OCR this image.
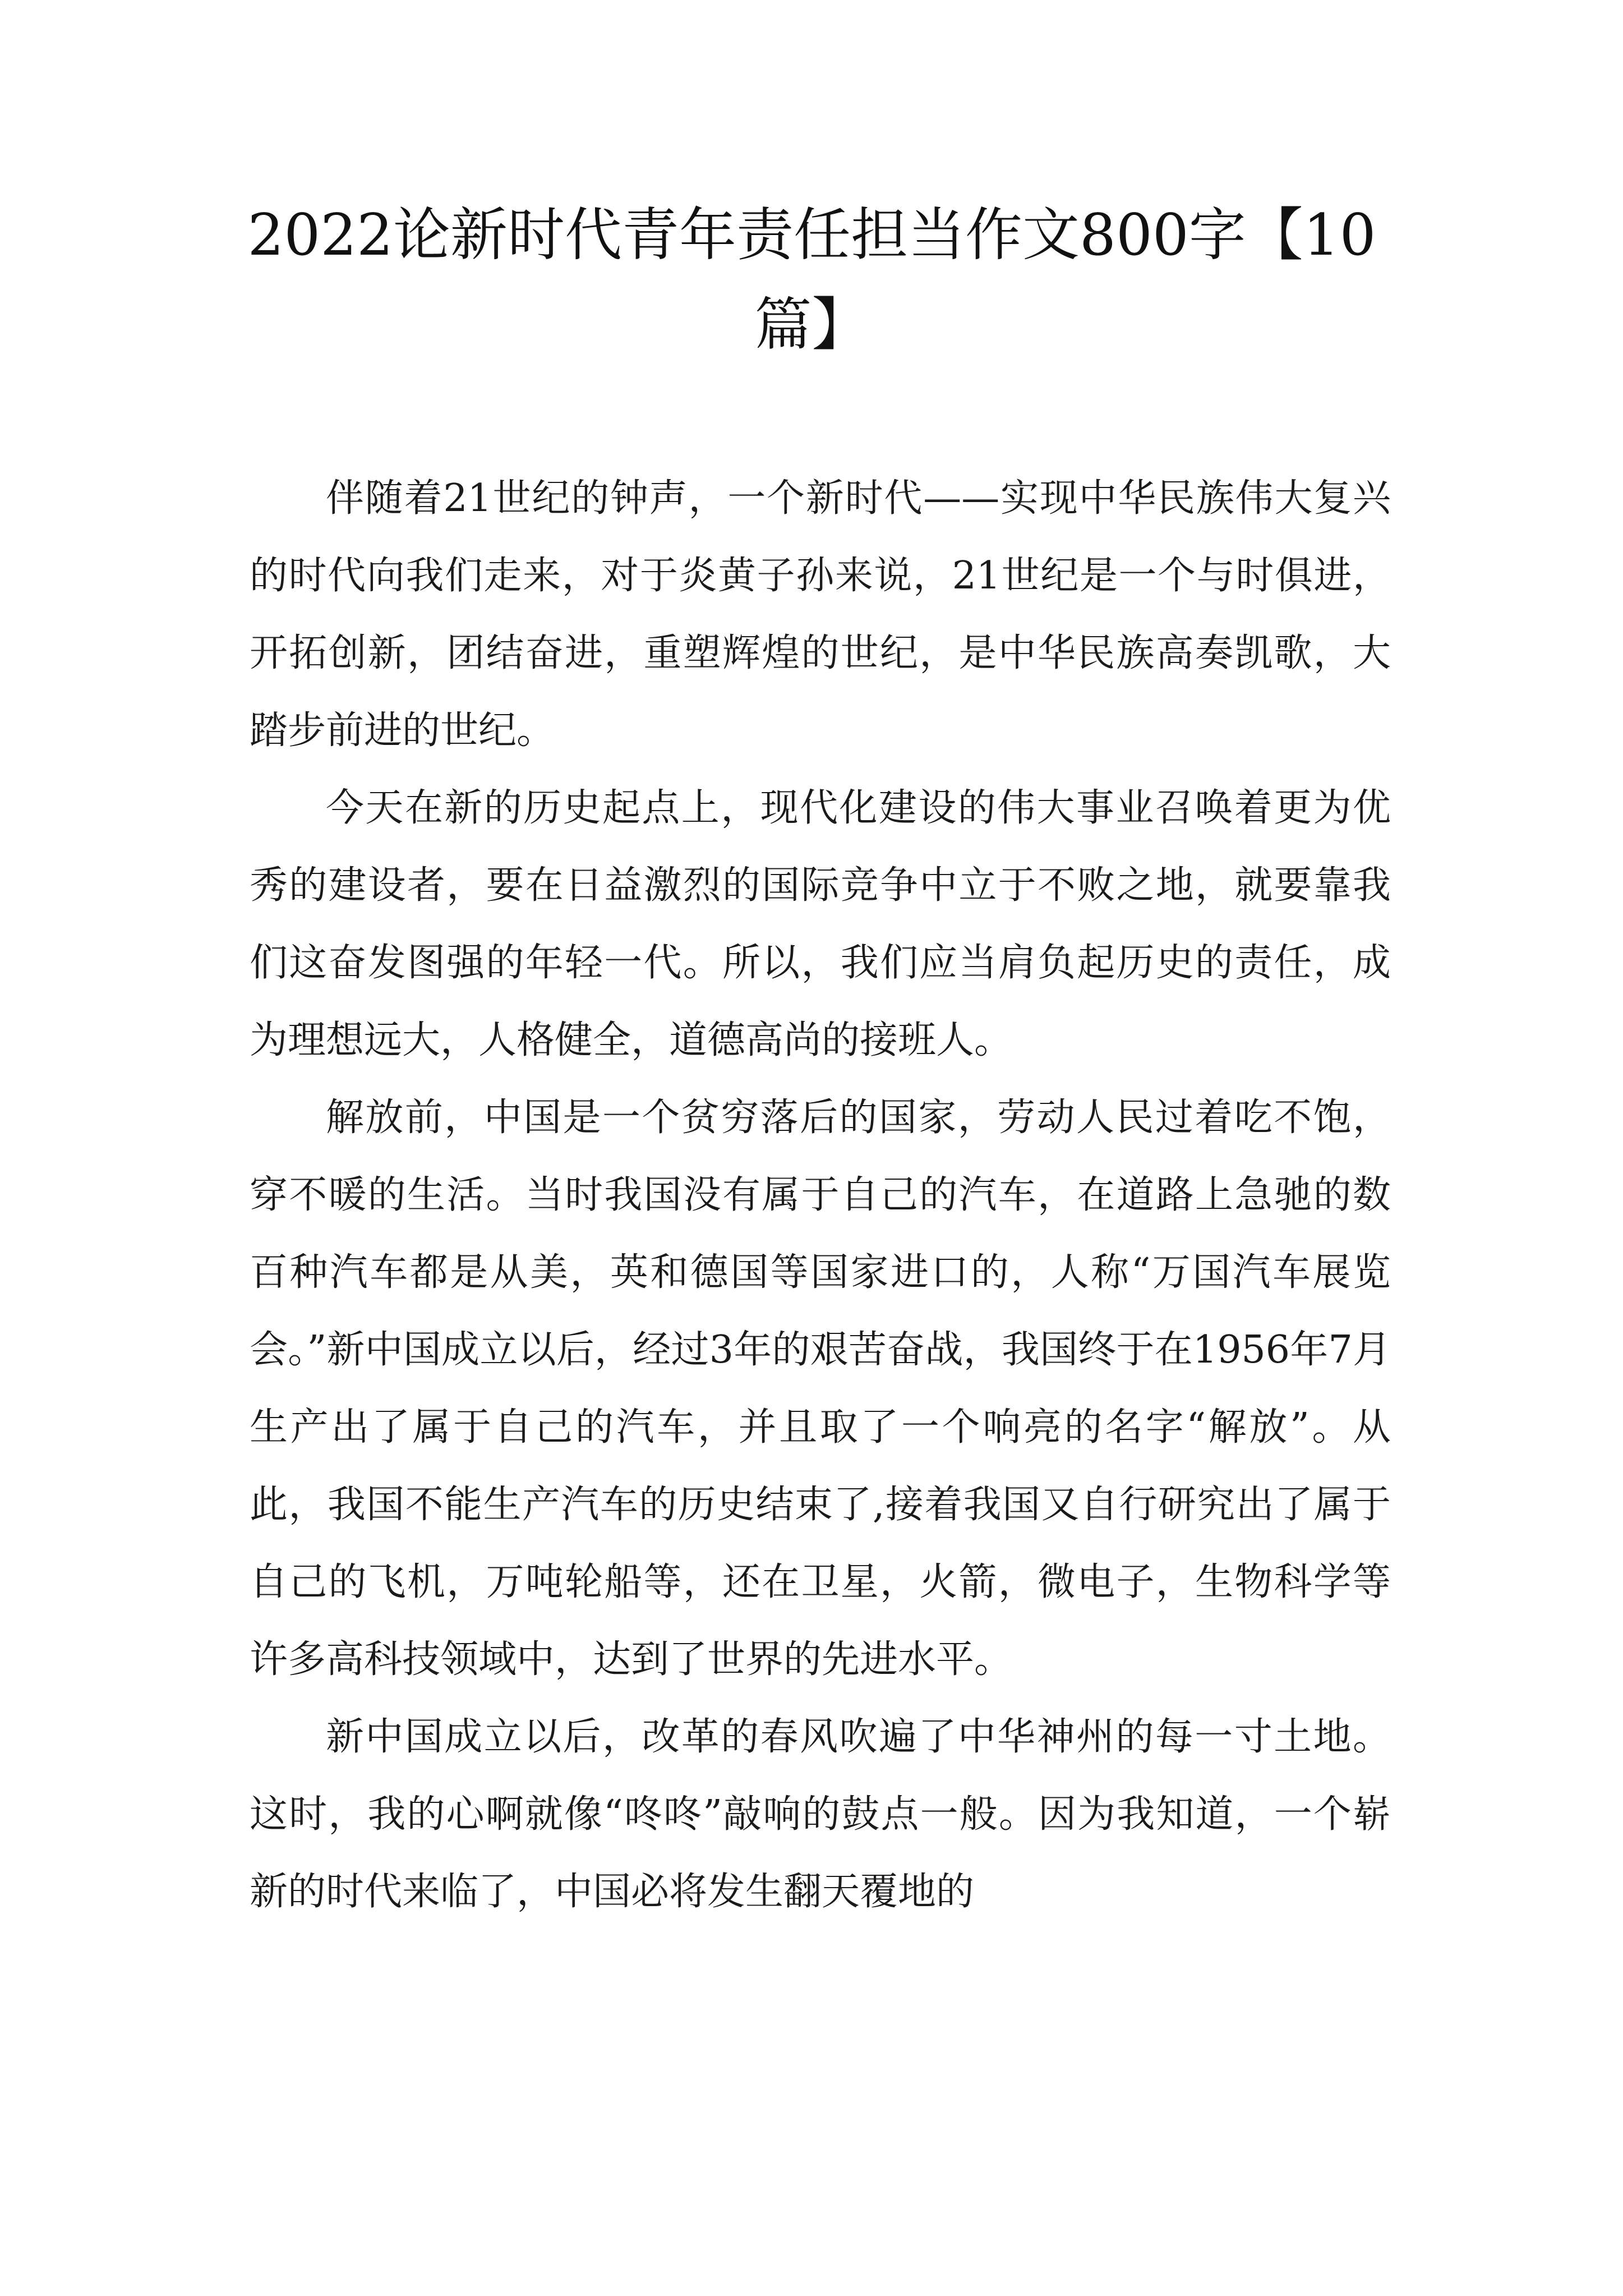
2022论新时代青年责任担当作文800字【10篇】

伴随着21世纪的钟声，一个新时代——实现中华民族伟大复兴的时代向我们走来，对于炎黄子孙来说，21世纪是一个与时俱进，开拓创新，团结奋进，重塑辉煌的世纪，是中华民族高奏凯歌，大踏步前进的世纪。

今天在新的历史起点上，现代化建设的伟大事业召唤着更为优秀的建设者，要在日益激烈的国际竞争中立于不败之地，就要靠我们这奋发图强的年轻一代。所以，我们应当肩负起历史的责任，成为理想远大，人格健全，道德高尚的接班人。

解放前，中国是一个贫穷落后的国家，劳动人民过着吃不饱，穿不暖的生活。当时我国没有属于自己的汽车，在道路上急驰的数百种汽车都是从美，英和德国等国家进口的，人称“万国汽车展览会。”新中国成立以后，经过3年的艰苦奋战，我国终于在1956年7月生产出了属于自己的汽车，并且取了一个响亮的名字“解放”。从此，我国不能生产汽车的历史结束了,接着我国又自行研究出了属于自己的飞机，万吨轮船等，还在卫星，火箭，微电子，生物科学等许多高科技领域中，达到了世界的先进水平。

新中国成立以后，改革的春风吹遍了中华神州的每一寸土地。这时，我的心啊就像“咚咚”敲响的鼓点一般。因为我知道，一个崭新的时代来临了，中国必将发生翻天覆地的
